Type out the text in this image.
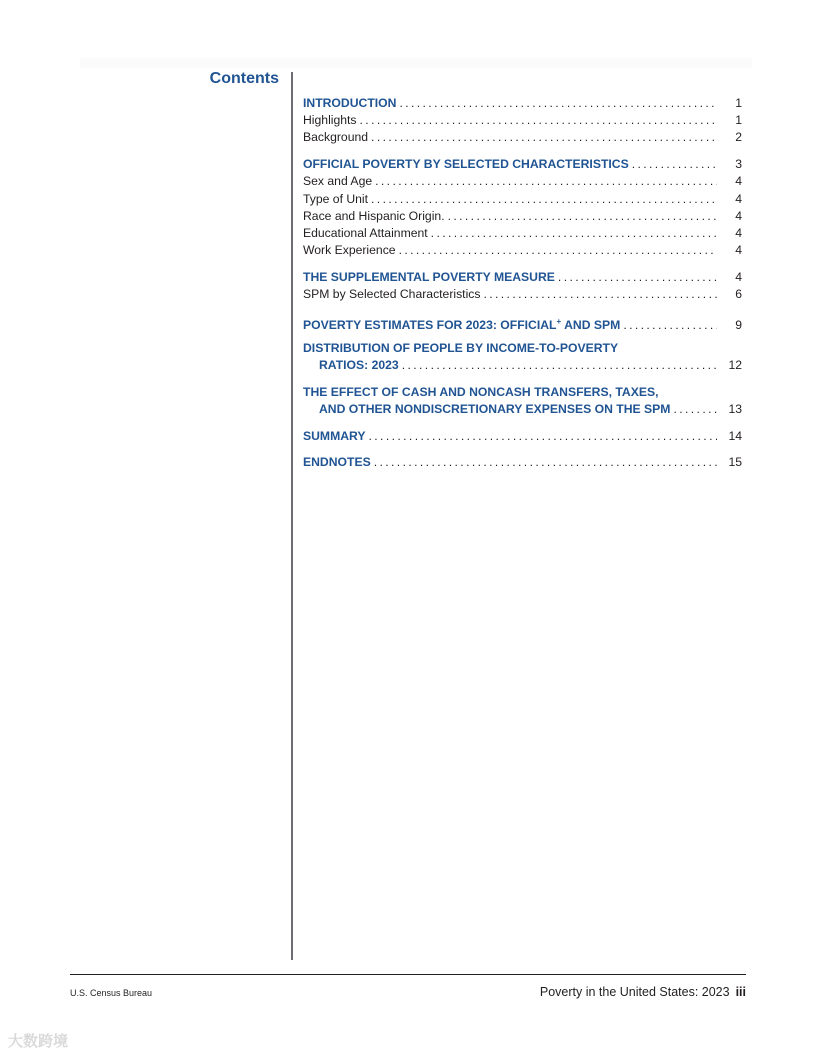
Contents
INTRODUCTION . . .	1
Highlights . . .	1
Background . . .	2
OFFICIAL POVERTY BY SELECTED CHARACTERISTICS . . .	3
Sex and Age . . .	4
Type of Unit . . .	4
Race and Hispanic Origin. . . .	4
Educational Attainment . . .	4
Work Experience . . .	4
THE SUPPLEMENTAL POVERTY MEASURE . . .	4
SPM by Selected Characteristics . . .	6
POVERTY ESTIMATES FOR 2023: OFFICIAL+ AND SPM . . .	9
DISTRIBUTION OF PEOPLE BY INCOME-TO-POVERTY
RATIOS: 2023 . . .	12
THE EFFECT OF CASH AND NONCASH TRANSFERS, TAXES,
AND OTHER NONDISCRETIONARY EXPENSES ON THE SPM . . .	13
SUMMARY . . .	14
ENDNOTES . . .	15
U.S. Census Bureau	Poverty in the United States: 2023 iii
大数跨境
